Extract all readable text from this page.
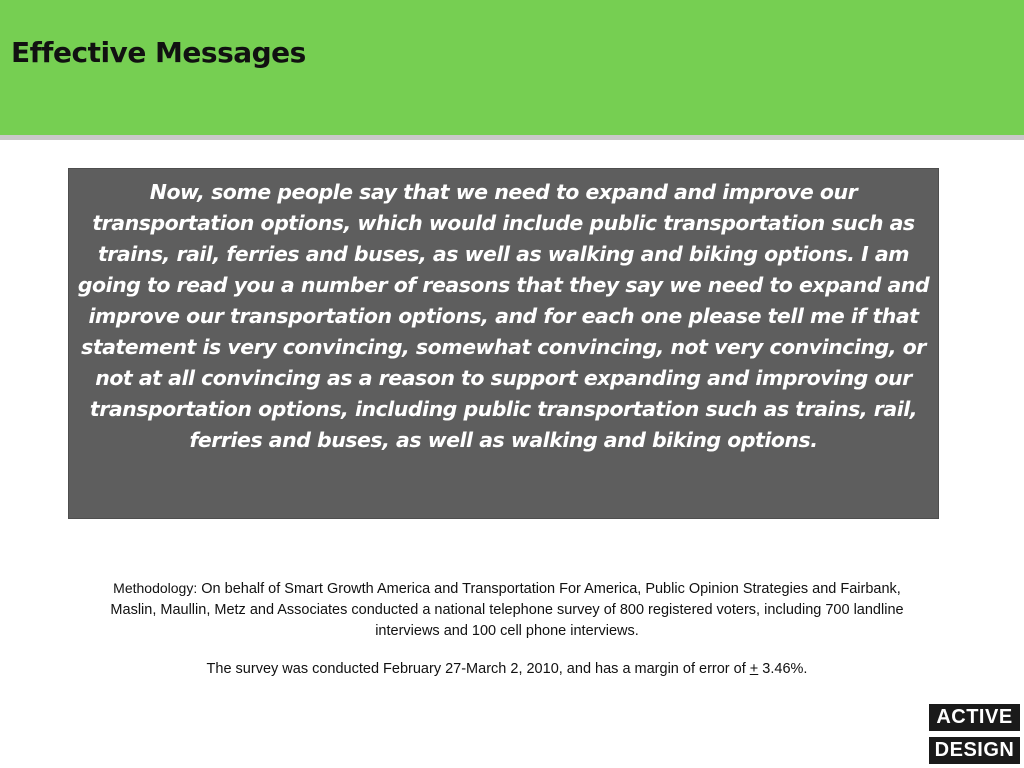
Effective Messages

Now, some people say that we need to expand and improve our transportation options, which would include public transportation such as trains, rail, ferries and buses, as well as walking and biking options. I am going to read you a number of reasons that they say we need to expand and improve our transportation options, and for each one please tell me if that statement is very convincing, somewhat convincing, not very convincing, or not at all convincing as a reason to support expanding and improving our transportation options, including public transportation such as trains, rail, ferries and buses, as well as walking and biking options.

Methodology: On behalf of Smart Growth America and Transportation For America, Public Opinion Strategies and Fairbank, Maslin, Maullin, Metz and Associates conducted a national telephone survey of 800 registered voters, including 700 landline interviews and 100 cell phone interviews.

The survey was conducted February 27-March 2, 2010, and has a margin of error of + 3.46%.

ACTIVE
DESIGN
